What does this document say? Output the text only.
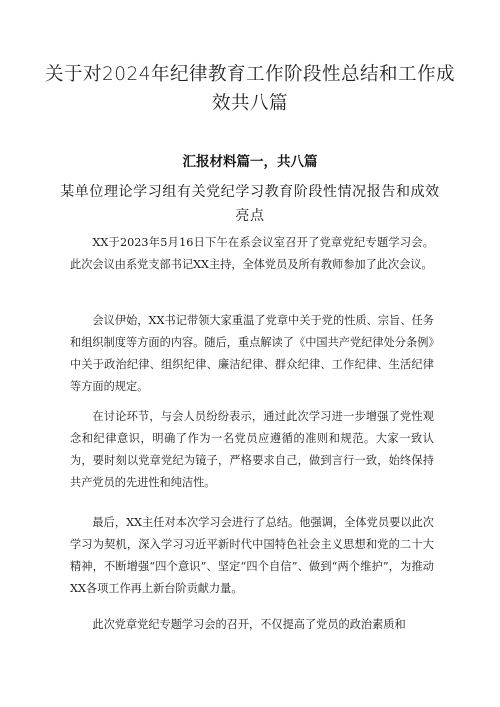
关于对2024年纪律教育工作阶段性总结和工作成效共八篇
汇报材料篇一，共八篇
某单位理论学习组有关党纪学习教育阶段性情况报告和成效亮点

XX于2023年5月16日下午在系会议室召开了党章党纪专题学习会。此次会议由系党支部书记XX主持，全体党员及所有教师参加了此次会议。

会议伊始，XX书记带领大家重温了党章中关于党的性质、宗旨、任务和组织制度等方面的内容。随后，重点解读了《中国共产党纪律处分条例》中关于政治纪律、组织纪律、廉洁纪律、群众纪律、工作纪律、生活纪律等方面的规定。

在讨论环节，与会人员纷纷表示，通过此次学习进一步增强了党性观念和纪律意识，明确了作为一名党员应遵循的准则和规范。大家一致认为，要时刻以党章党纪为镜子，严格要求自己，做到言行一致，始终保持共产党员的先进性和纯洁性。

最后，XX主任对本次学习会进行了总结。他强调，全体党员要以此次学习为契机，深入学习习近平新时代中国特色社会主义思想和党的二十大精神，不断增强“四个意识”、坚定“四个自信”、做到“两个维护”，为推动XX各项工作再上新台阶贡献力量。

此次党章党纪专题学习会的召开，不仅提高了党员的政治素质和
